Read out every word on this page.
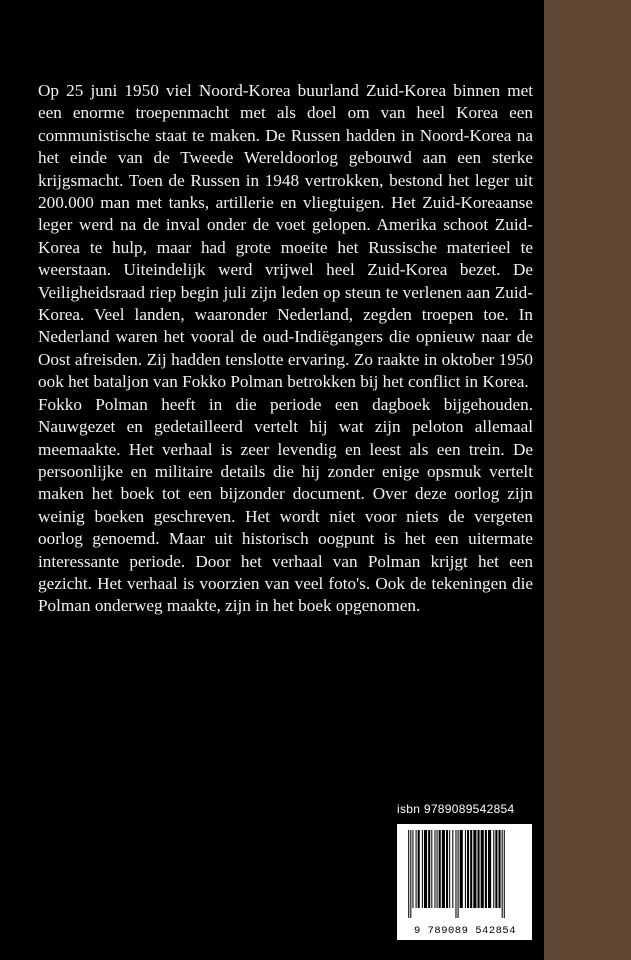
Op 25 juni 1950 viel Noord-Korea buurland Zuid-Korea binnen met een enorme troepenmacht met als doel om van heel Korea een communistische staat te maken. De Russen hadden in Noord-Korea na het einde van de Tweede Wereldoorlog gebouwd aan een sterke krijgsmacht. Toen de Russen in 1948 vertrokken, bestond het leger uit 200.000 man met tanks, artillerie en vliegtuigen. Het Zuid-Koreaanse leger werd na de inval onder de voet gelopen. Amerika schoot Zuid-Korea te hulp, maar had grote moeite het Russische materieel te weerstaan. Uiteindelijk werd vrijwel heel Zuid-Korea bezet. De Veiligheidsraad riep begin juli zijn leden op steun te verlenen aan Zuid-Korea. Veel landen, waaronder Nederland, zegden troepen toe. In Nederland waren het vooral de oud-Indiëgangers die opnieuw naar de Oost afreisden. Zij hadden tenslotte ervaring. Zo raakte in oktober 1950 ook het bataljon van Fokko Polman betrokken bij het conflict in Korea.

Fokko Polman heeft in die periode een dagboek bijgehouden. Nauwgezet en gedetailleerd vertelt hij wat zijn peloton allemaal meemaakte. Het verhaal is zeer levendig en leest als een trein. De persoonlijke en militaire details die hij zonder enige opsmuk vertelt maken het boek tot een bijzonder document. Over deze oorlog zijn weinig boeken geschreven. Het wordt niet voor niets de vergeten oorlog genoemd. Maar uit historisch oogpunt is het een uitermate interessante periode. Door het verhaal van Polman krijgt het een gezicht. Het verhaal is voorzien van veel foto's. Ook de tekeningen die Polman onderweg maakte, zijn in het boek opgenomen.

isbn 9789089542854
9 789089 542854
